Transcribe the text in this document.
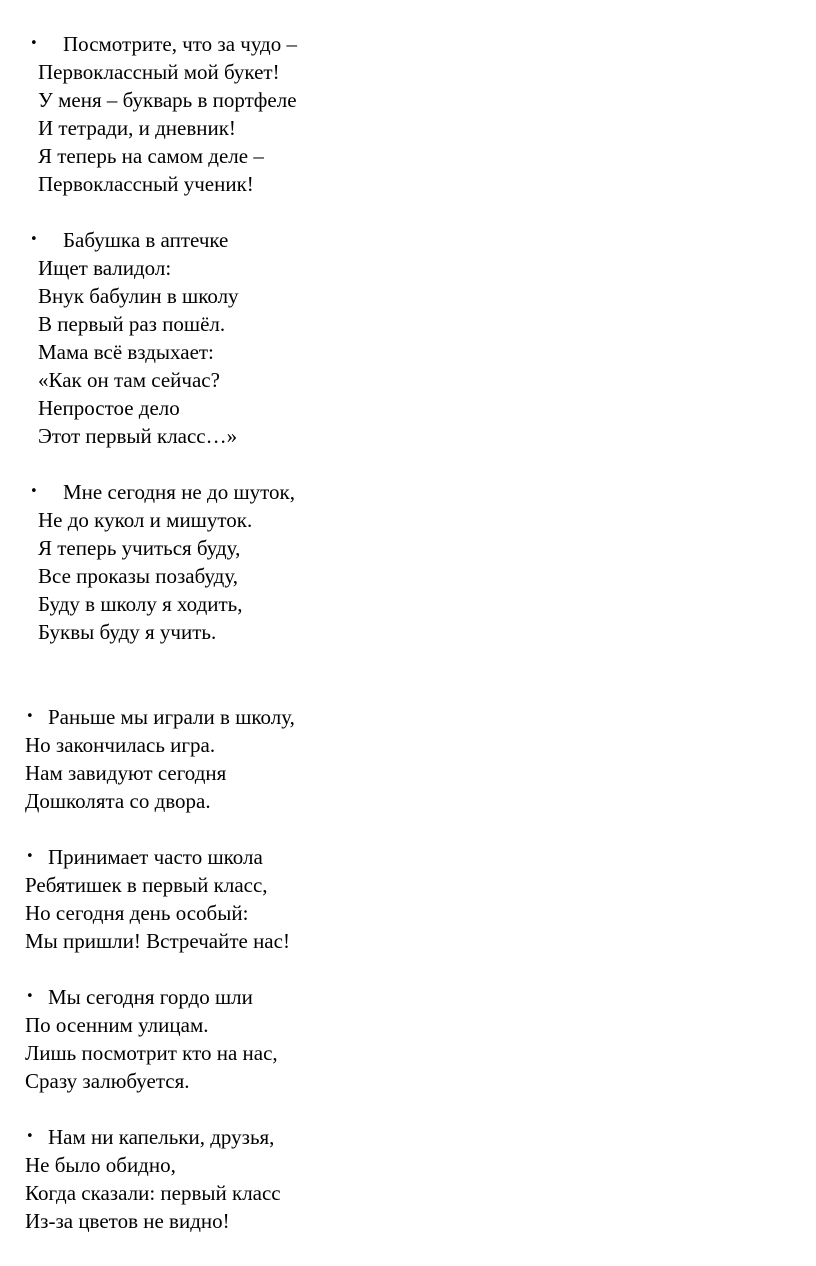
• Посмотрите, что за чудо –
Первоклассный мой букет!
У меня – букварь в портфеле
И тетради, и дневник!
Я теперь на самом деле –
Первоклассный ученик!
• Бабушка в аптечке
Ищет валидол:
Внук бабулин в школу
В первый раз пошёл.
Мама всё вздыхает:
«Как он там сейчас?
Непростое дело
Этот первый класс…»
• Мне сегодня не до шуток,
Не до кукол и мишуток.
Я теперь учиться буду,
Все проказы позабуду,
Буду в школу я ходить,
Буквы буду я учить.
• Раньше мы играли в школу,
Но закончилась игра.
Нам завидуют сегодня
Дошколята со двора.
• Принимает часто школа
Ребятишек в первый класс,
Но сегодня день особый:
Мы пришли! Встречайте нас!
• Мы сегодня гордо шли
По осенним улицам.
Лишь посмотрит кто на нас,
Сразу залюбуется.
• Нам ни капельки, друзья,
Не было обидно,
Когда сказали: первый класс
Из-за цветов не видно!
